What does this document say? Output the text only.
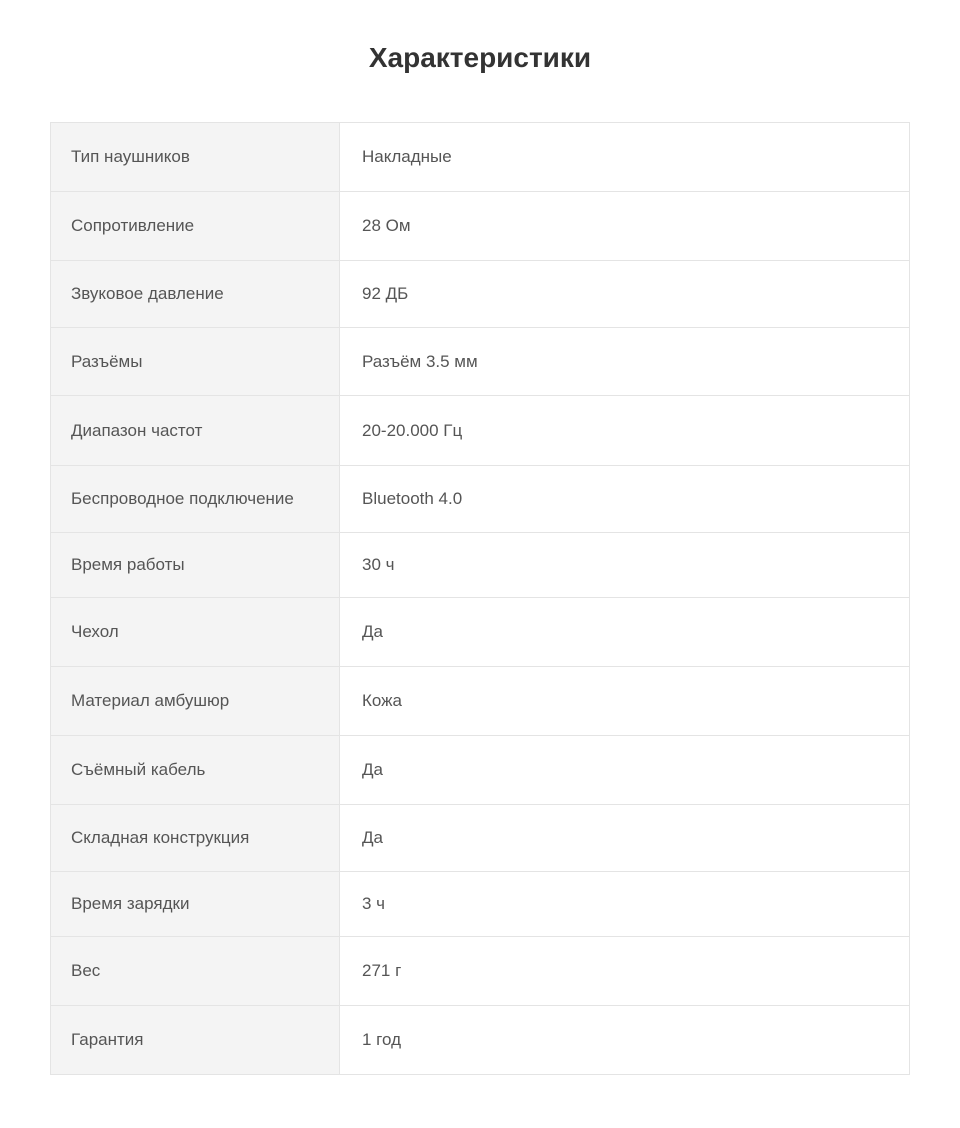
Характеристики
Тип наушников	Накладные
Сопротивление	28 Ом
Звуковое давление	92 ДБ
Разъёмы	Разъём 3.5 мм
Диапазон частот	20-20.000 Гц
Беспроводное подключение	Bluetooth 4.0
Время работы	30 ч
Чехол	Да
Материал амбушюр	Кожа
Съёмный кабель	Да
Складная конструкция	Да
Время зарядки	3 ч
Вес	271 г
Гарантия	1 год
